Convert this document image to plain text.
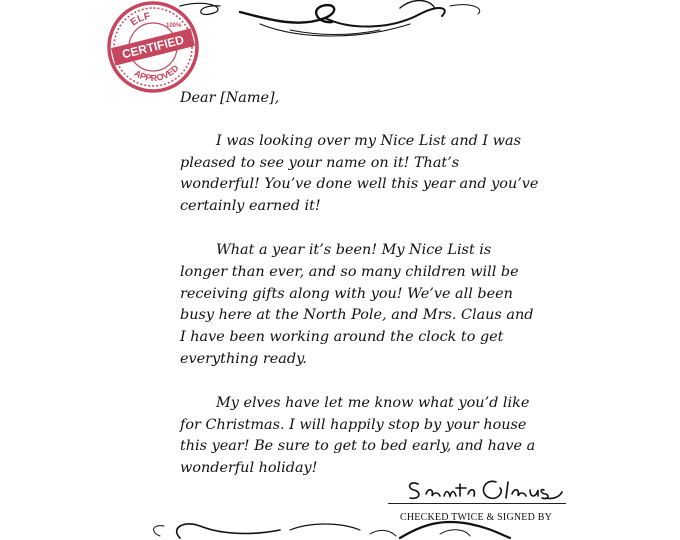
ELF
100%
CERTIFIED
APPROVED

Dear [Name],

I was looking over my Nice List and I was pleased to see your name on it! That’s wonderful! You’ve done well this year and you’ve certainly earned it!

What a year it’s been! My Nice List is longer than ever, and so many children will be receiving gifts along with you! We’ve all been busy here at the North Pole, and Mrs. Claus and I have been working around the clock to get everything ready.

My elves have let me know what you’d like for Christmas. I will happily stop by your house this year! Be sure to get to bed early, and have a wonderful holiday!

CHECKED TWICE & SIGNED BY
